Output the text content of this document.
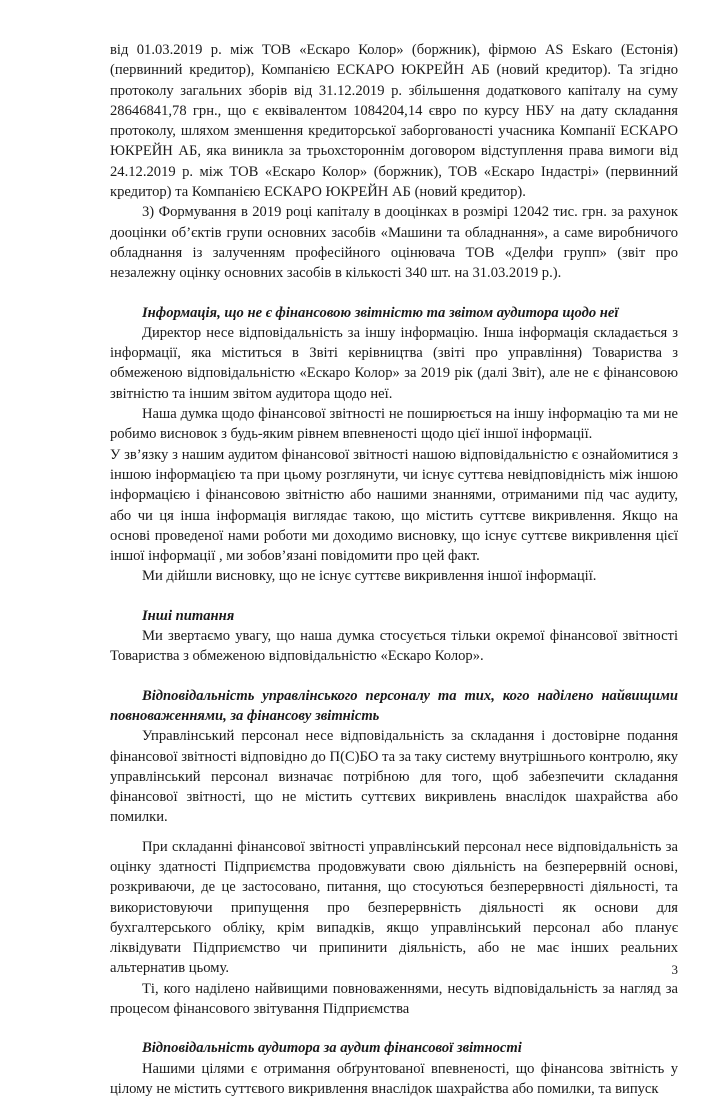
від 01.03.2019 р. між ТОВ «Ескаро Колор» (боржник), фірмою AS Eskaro (Естонія) (первинний кредитор), Компанією ЕСКАРО ЮКРЕЙН АБ (новий кредитор). Та згідно протоколу загальних зборів від 31.12.2019 р. збільшення додаткового капіталу на суму 28646841,78 грн., що є еквівалентом 1084204,14 євро по курсу НБУ на дату складання протоколу, шляхом зменшення кредиторської заборгованості учасника Компанії ЕСКАРО ЮКРЕЙН АБ, яка виникла за трьохстороннім договором відступлення права вимоги від 24.12.2019 р. між ТОВ «Ескаро Колор» (боржник), ТОВ «Ескаро Індастрі» (первинний кредитор) та Компанією ЕСКАРО ЮКРЕЙН АБ (новий кредитор).

3) Формування в 2019 році капіталу в дооцінках в розмірі 12042 тис. грн. за рахунок дооцінки об’єктів групи основних засобів «Машини та обладнання», а саме виробничого обладнання із залученням професійного оцінювача ТОВ «Делфи групп» (звіт про незалежну оцінку основних засобів в кількості 340 шт. на 31.03.2019 р.).

Інформація, що не є фінансовою звітністю та звітом аудитора щодо неї

Директор несе відповідальність за іншу інформацію. Інша інформація складається з інформації, яка міститься в Звіті керівництва (звіті про управління) Товариства з обмеженою відповідальністю «Ескаро Колор» за 2019 рік (далі Звіт), але не є фінансовою звітністю та іншим звітом аудитора щодо неї.

Наша думка щодо фінансової звітності не поширюється на іншу інформацію та ми не робимо висновок з будь-яким рівнем впевненості щодо цієї іншої інформації.

У зв’язку з нашим аудитом фінансової звітності нашою відповідальністю є ознайомитися з іншою інформацією та при цьому розглянути, чи існує суттєва невідповідність між іншою інформацією і фінансовою звітністю або нашими знаннями, отриманими під час аудиту, або чи ця інша інформація виглядає такою, що містить суттєве викривлення. Якщо на основі проведеної нами роботи ми доходимо висновку, що існує суттєве викривлення цієї іншої інформації , ми зобов’язані повідомити про цей факт.

Ми дійшли висновку, що не існує суттєве викривлення іншої інформації.

Інші питання

Ми звертаємо увагу, що наша думка стосується тільки окремої фінансової звітності Товариства з обмеженою відповідальністю «Ескаро Колор».

Відповідальність управлінського персоналу та тих, кого наділено найвищими повноваженнями, за фінансову звітність

Управлінський персонал несе відповідальність за складання і достовірне подання фінансової звітності відповідно до П(С)БО та за таку систему внутрішнього контролю, яку управлінський персонал визначає потрібною для того, щоб забезпечити складання фінансової звітності, що не містить суттєвих викривлень внаслідок шахрайства або помилки.

При складанні фінансової звітності управлінський персонал несе відповідальність за оцінку здатності Підприємства продовжувати свою діяльність на безперервній основі, розкриваючи, де це застосовано, питання, що стосуються безперервності діяльності, та використовуючи припущення про безперервність діяльності як основи для бухгалтерського обліку, крім випадків, якщо управлінський персонал або планує ліквідувати Підприємство чи припинити діяльність, або не має інших реальних альтернатив цьому.

Ті, кого наділено найвищими повноваженнями, несуть відповідальність за нагляд за процесом фінансового звітування Підприємства

Відповідальність аудитора за аудит фінансової звітності

Нашими цілями є отримання обґрунтованої впевненості, що фінансова звітність у цілому не містить суттєвого викривлення внаслідок шахрайства або помилки, та випуск

3
